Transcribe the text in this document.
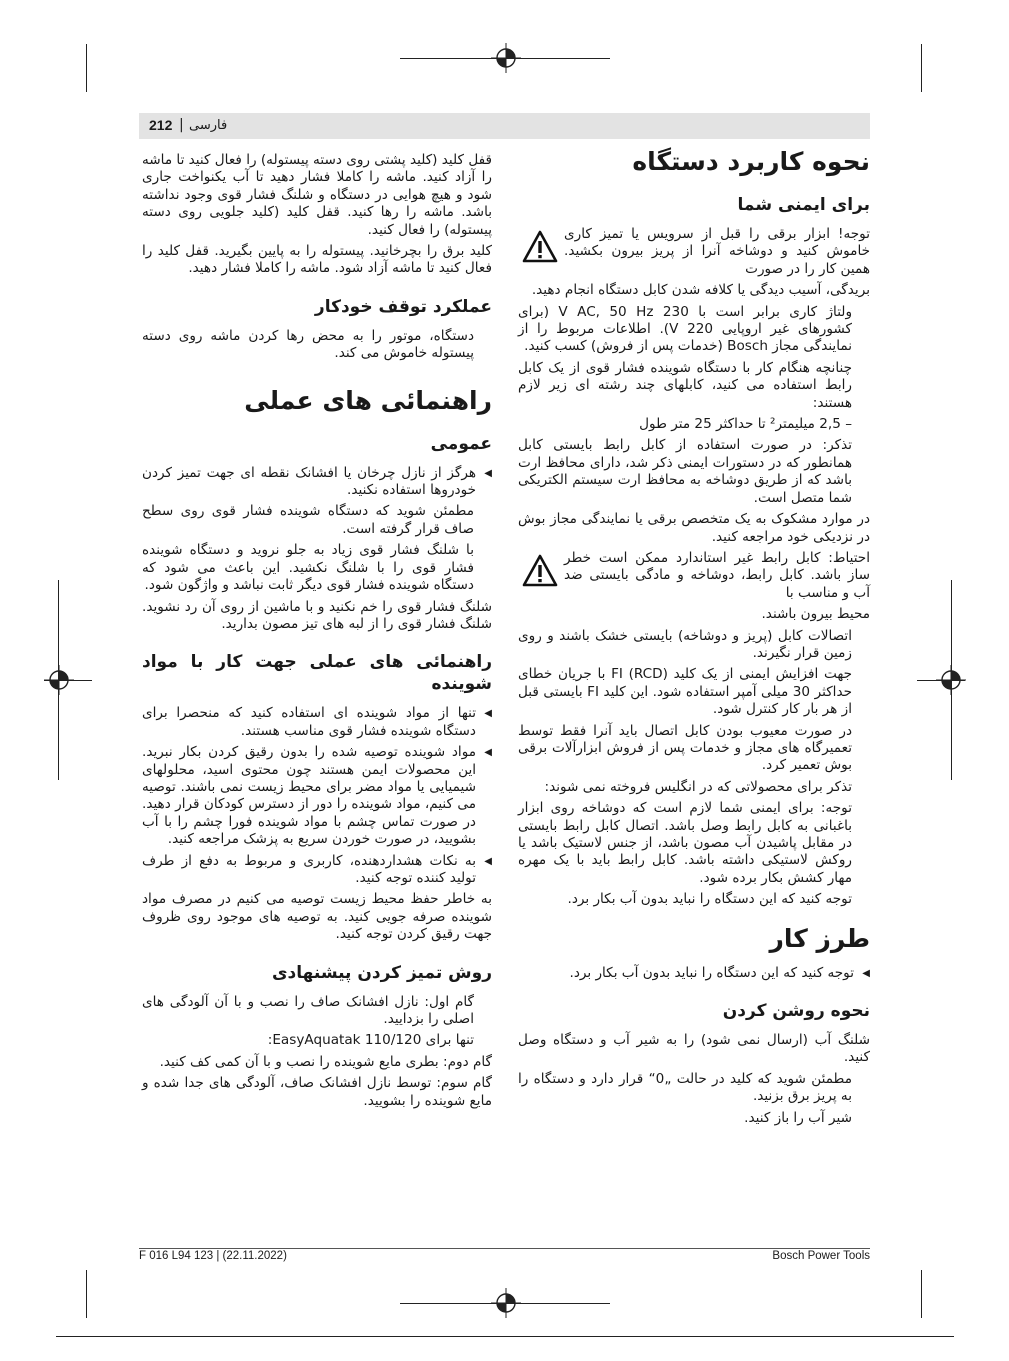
212 | فارسی
نحوه کاربرد دستگاه
برای ایمنی شما

توجه! ابزار برقی را قبل از سرویس یا تمیز کاری خاموش کنید و دوشاخه آنرا از پریز بیرون بکشید. همین کار را در صورت

بریدگی، آسیب دیدگی یا کلافه شدن کابل دستگاه انجام دهید.

ولتاژ کاری برابر است با 230 V AC, 50 Hz (برای کشورهای غیر اروپایی 220 V). اطلاعات مربوط را از نمایندگی مجاز Bosch (خدمات پس از فروش) کسب کنید.

چنانچه هنگام کار با دستگاه شوینده فشار قوی از یک کابل رابط استفاده می کنید، کابلهای چند رشته ای زیر لازم هستند:

– 2,5 میلیمتر² تا حداکثر 25 متر طول

تذکر: در صورت استفاده از کابل رابط بایستی کابل همانطور که در دستورات ایمنی ذکر شد، دارای محافظ ارت باشد که از طریق دوشاخه به محافظ ارت سیستم الکتریکی شما متصل است.

در موارد مشکوک به یک متخصص برقی یا نمایندگی مجاز بوش در نزدیکی خود مراجعه کنید.

احتیاط: کابل رابط غیر استاندارد ممکن است خطر ساز باشد. کابل رابط، دوشاخه و مادگی بایستی ضد آب و مناسب با

محیط بیرون باشند.

اتصالات کابل (پریز و دوشاخه) بایستی خشک باشند و روی زمین قرار نگیرند.

جهت افزایش ایمنی از یک کلید FI (RCD) با جریان خطای حداکثر 30 میلی آمپر استفاده شود. این کلید FI بایستی قبل از هر بار کار کنترل شود.

در صورت معیوب بودن کابل اتصال باید آنرا فقط توسط تعمیرگاه های مجاز و خدمات پس از فروش ابزارآلات برقی بوش تعمیر کرد.

تذکر برای محصولاتی که در انگلیس فروخته نمی شوند:

توجه: برای ایمنی شما لازم است که دوشاخه روی ابزار باغبانی به کابل رابط وصل باشد. اتصال کابل رابط بایستی در مقابل پاشیدن آب مصون باشد، از جنس لاستیک باشد یا روکش لاستیکی داشته باشد. کابل رابط باید با یک مهره مهار کشش بکار برده شود.

توجه کنید که این دستگاه را نباید بدون آب بکار برد.

طرز کار
◀
توجه کنید که این دستگاه را نباید بدون آب بکار برد.
نحوه روشن کردن

شلنگ آب (ارسال نمی شود) را به شیر آب و دستگاه وصل کنید.

مطمئن شوید که کلید در حالت „0“ قرار دارد و دستگاه را به پریز برق بزنید.

شیر آب را باز کنید.

قفل کلید (کلید پشتی روی دسته پیستوله) را فعال کنید تا ماشه را آزاد کنید. ماشه را کاملا فشار دهید تا آب یکنواخت جاری شود و هیچ هوایی در دستگاه و شلنگ فشار قوی وجود نداشته باشد. ماشه را رها کنید. قفل کلید (کلید جلویی روی دسته پیستوله) را فعال کنید.

کلید برق را بچرخانید. پیستوله را به پایین بگیرید. قفل کلید را فعال کنید تا ماشه آزاد شود. ماشه را کاملا فشار دهید.

عملکرد توقف خودکار

دستگاه، موتور را به محض رها کردن ماشه روی دسته پیستوله خاموش می کند.

راهنمائی های عملی
عمومی
◀
هرگز از نازل چرخان یا افشانک نقطه ای جهت تمیز کردن خودروها استفاده نکنید.

مطمئن شوید که دستگاه شوینده فشار قوی روی سطح صاف قرار گرفته است.

با شلنگ فشار قوی زیاد به جلو نروید و دستگاه شوینده فشار قوی را با شلنگ نکشید. این باعث می شود که دستگاه شوینده فشار قوی دیگر ثابت نباشد و واژگون شود.

شلنگ فشار قوی را خم نکنید و با ماشین از روی آن رد نشوید. شلنگ فشار قوی را از لبه های تیز مصون بدارید.

راهنمائی های عملی جهت کار با مواد شوینده
◀
تنها از مواد شوینده ای استفاده کنید که منحصرا برای دستگاه شوینده فشار قوی مناسب هستند.
◀
مواد شوینده توصیه شده را بدون رقیق کردن بکار نبرید. این محصولات ایمن هستند چون محتوی اسید، محلولهای شیمیایی یا مواد مضر برای محیط زیست نمی باشند. توصیه می کنیم، مواد شوینده را دور از دسترس کودکان قرار دهید. در صورت تماس چشم با مواد شوینده فورا چشم را با آب بشویید، در صورت خوردن سریع به پزشک مراجعه کنید.
◀
به نکات هشداردهنده، کاربری و مربوط به دفع از طرف تولید کننده توجه کنید.

به خاطر حفظ محیط زیست توصیه می کنیم در مصرف مواد شوینده صرفه جویی کنید. به توصیه های موجود روی ظروف جهت رقیق کردن توجه کنید.

روش تمیز کردن پیشنهادی

گام اول: نازل افشانک صاف را نصب و با آن آلودگی های اصلی را بزدایید.

تنها برای EasyAquatak 110/120:

گام دوم: بطری مایع شوینده را نصب و با آن کمی کف کنید.

گام سوم: توسط نازل افشانک صاف، آلودگی های جدا شده و مایع شوینده را بشویید.

F 016 L94 123 | (22.11.2022)	Bosch Power Tools
